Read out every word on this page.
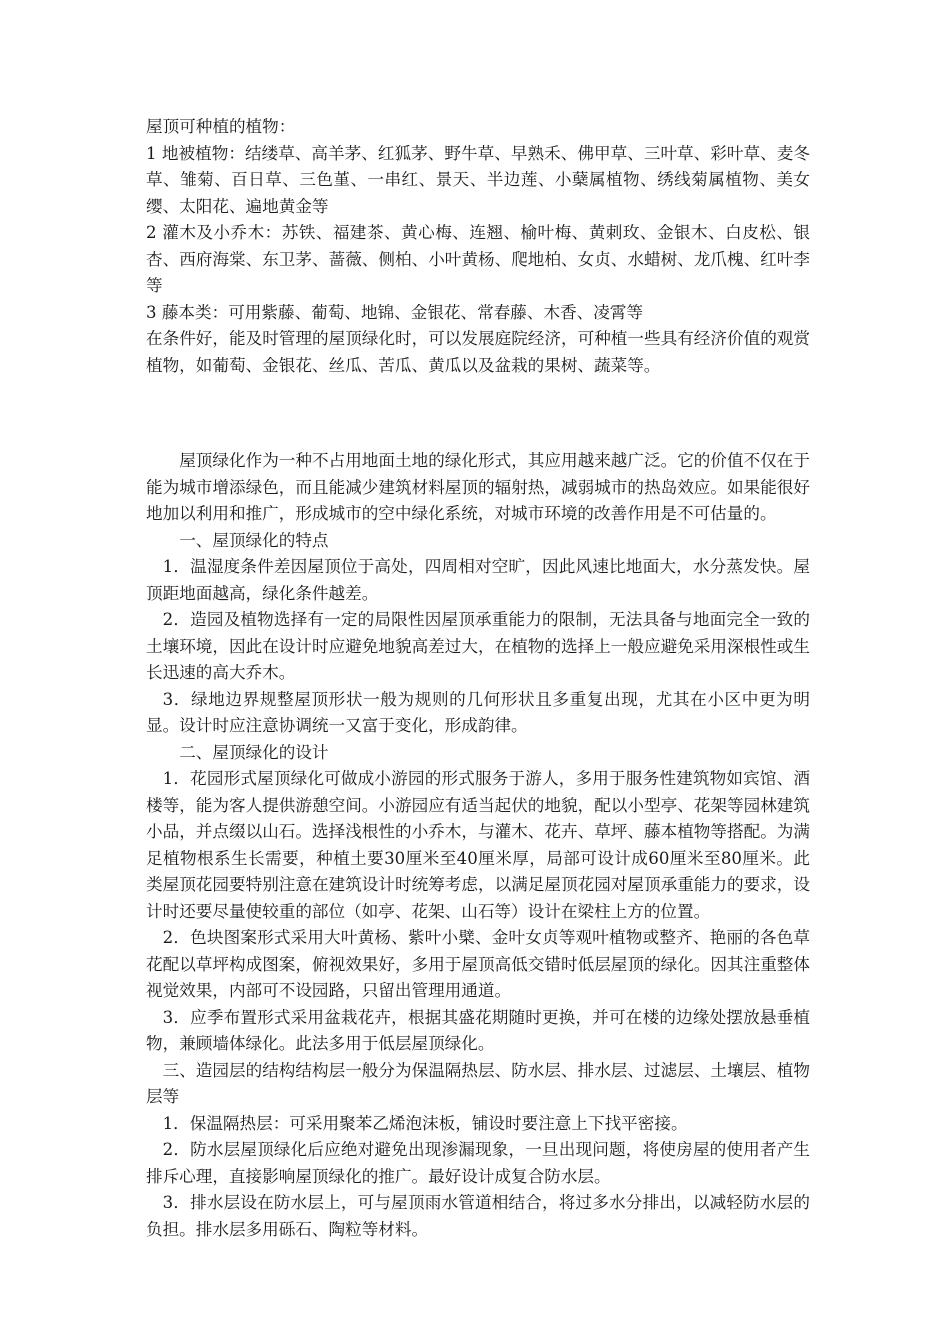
屋顶可种植的植物：

1 地被植物：结缕草、高羊茅、红狐茅、野牛草、早熟禾、佛甲草、三叶草、彩叶草、麦冬草、雏菊、百日草、三色堇、一串红、景天、半边莲、小蘖属植物、绣线菊属植物、美女缨、太阳花、遍地黄金等

2 灌木及小乔木：苏铁、福建茶、黄心梅、连翘、榆叶梅、黄刺玫、金银木、白皮松、银杏、西府海棠、东卫茅、蔷薇、侧柏、小叶黄杨、爬地柏、女贞、水蜡树、龙爪槐、红叶李等

3 藤本类：可用紫藤、葡萄、地锦、金银花、常春藤、木香、凌霄等

在条件好，能及时管理的屋顶绿化时，可以发展庭院经济，可种植一些具有经济价值的观赏植物，如葡萄、金银花、丝瓜、苦瓜、黄瓜以及盆栽的果树、蔬菜等。

屋顶绿化作为一种不占用地面土地的绿化形式，其应用越来越广泛。它的价值不仅在于能为城市增添绿色，而且能减少建筑材料屋顶的辐射热，减弱城市的热岛效应。如果能很好地加以利用和推广，形成城市的空中绿化系统，对城市环境的改善作用是不可估量的。

一、屋顶绿化的特点

1．温湿度条件差因屋顶位于高处，四周相对空旷，因此风速比地面大，水分蒸发快。屋顶距地面越高，绿化条件越差。

2．造园及植物选择有一定的局限性因屋顶承重能力的限制，无法具备与地面完全一致的土壤环境，因此在设计时应避免地貌高差过大，在植物的选择上一般应避免采用深根性或生长迅速的高大乔木。

3．绿地边界规整屋顶形状一般为规则的几何形状且多重复出现，尤其在小区中更为明显。设计时应注意协调统一又富于变化，形成韵律。

二、屋顶绿化的设计

1．花园形式屋顶绿化可做成小游园的形式服务于游人，多用于服务性建筑物如宾馆、酒楼等，能为客人提供游憩空间。小游园应有适当起伏的地貌，配以小型亭、花架等园林建筑小品，并点缀以山石。选择浅根性的小乔木，与灌木、花卉、草坪、藤本植物等搭配。为满足植物根系生长需要，种植土要30厘米至40厘米厚，局部可设计成60厘米至80厘米。此类屋顶花园要特别注意在建筑设计时统筹考虑，以满足屋顶花园对屋顶承重能力的要求，设计时还要尽量使较重的部位（如亭、花架、山石等）设计在梁柱上方的位置。

2．色块图案形式采用大叶黄杨、紫叶小檗、金叶女贞等观叶植物或整齐、艳丽的各色草花配以草坪构成图案，俯视效果好，多用于屋顶高低交错时低层屋顶的绿化。因其注重整体视觉效果，内部可不设园路，只留出管理用通道。

3．应季布置形式采用盆栽花卉，根据其盛花期随时更换，并可在楼的边缘处摆放悬垂植物，兼顾墙体绿化。此法多用于低层屋顶绿化。

三、造园层的结构结构层一般分为保温隔热层、防水层、排水层、过滤层、土壤层、植物层等

1．保温隔热层：可采用聚苯乙烯泡沫板，铺设时要注意上下找平密接。

2．防水层屋顶绿化后应绝对避免出现渗漏现象，一旦出现问题，将使房屋的使用者产生排斥心理，直接影响屋顶绿化的推广。最好设计成复合防水层。

3．排水层设在防水层上，可与屋顶雨水管道相结合，将过多水分排出，以减轻防水层的负担。排水层多用砾石、陶粒等材料。
